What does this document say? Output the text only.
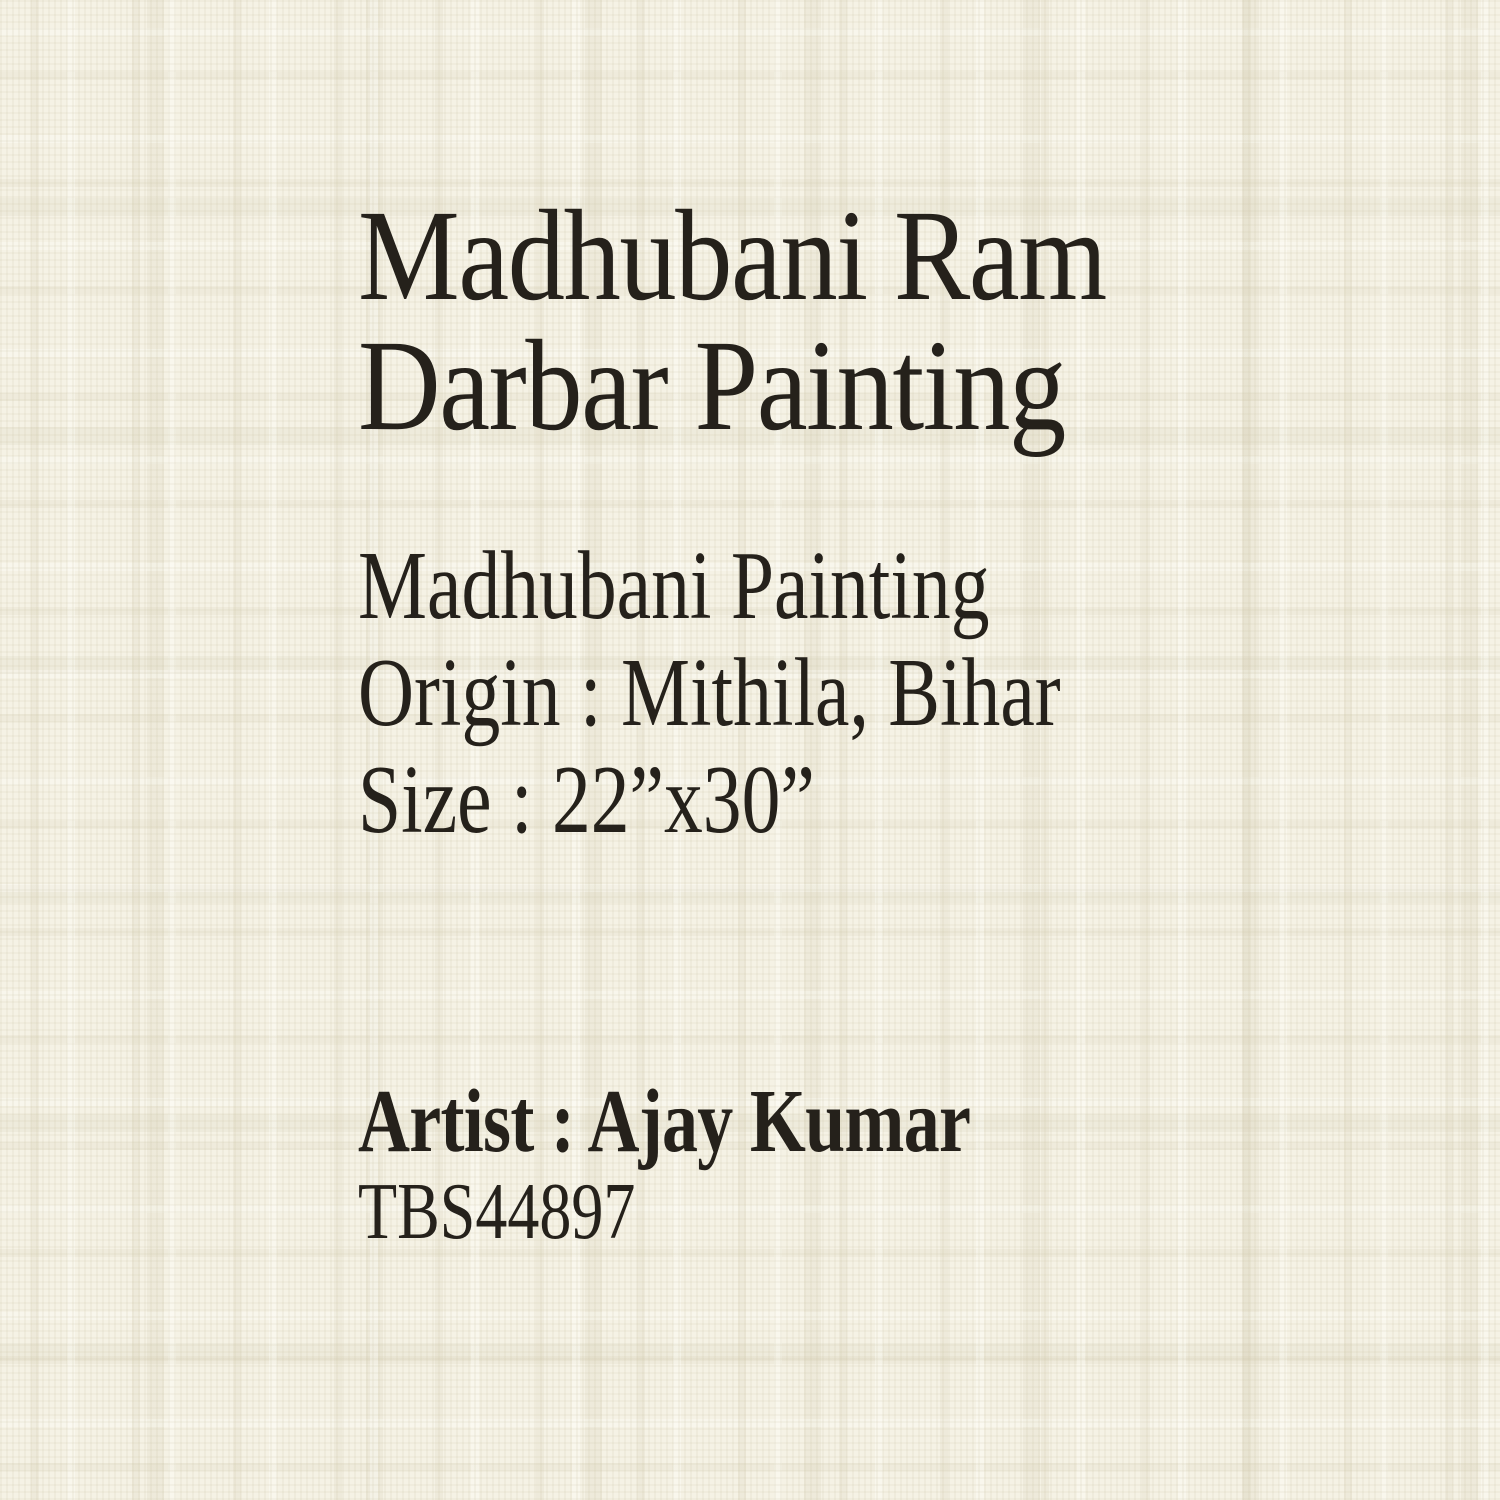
Madhubani Ram
Darbar Painting
Madhubani Painting
Origin : Mithila, Bihar
Size : 22”x30”
Artist : Ajay Kumar
TBS44897
